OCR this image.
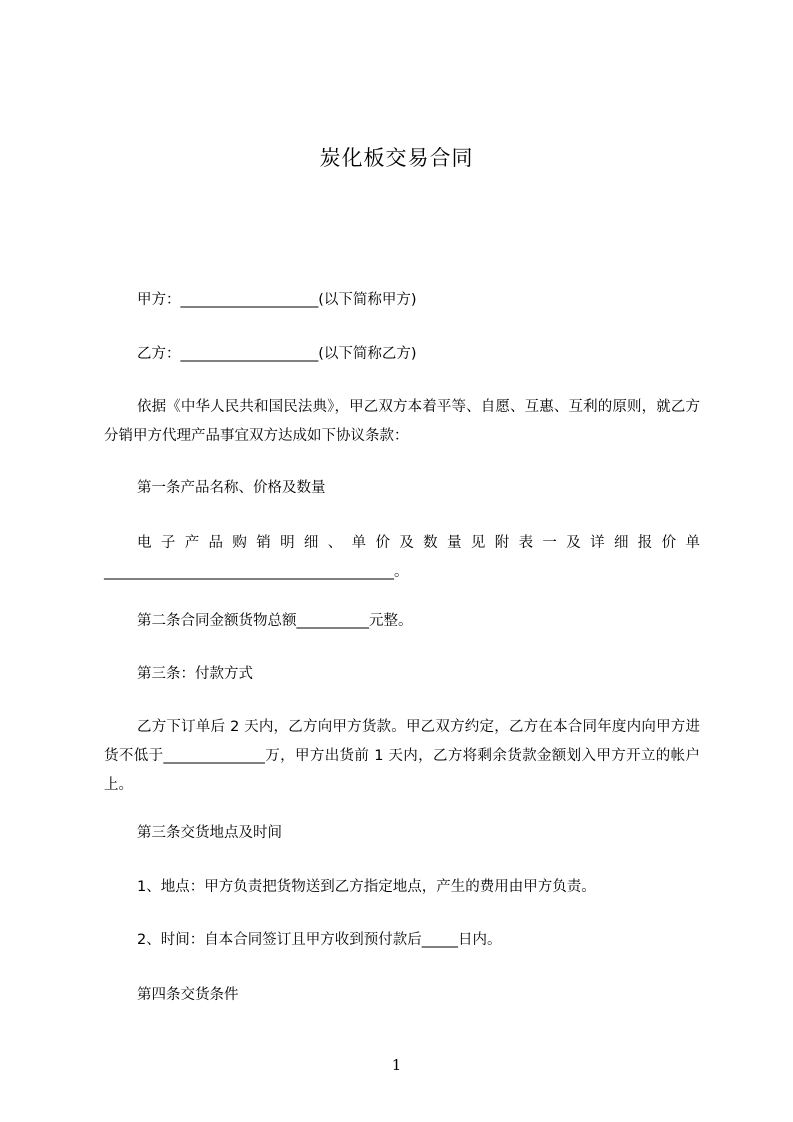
炭化板交易合同
甲方：___________________(以下简称甲方)
乙方：___________________(以下简称乙方)
依据《中华人民共和国民法典》，甲乙双方本着平等、自愿、互惠、互利的原则，就乙方分销甲方代理产品事宜双方达成如下协议条款：
第一条产品名称、价格及数量
电子产品购销明细、单价及数量见附表一及详细报价单________________________________________。
第二条合同金额货物总额__________元整。
第三条：付款方式
乙方下订单后 2 天内，乙方向甲方货款。甲乙双方约定，乙方在本合同年度内向甲方进货不低于______________万，甲方出货前 1 天内，乙方将剩余货款金额划入甲方开立的帐户上。
第三条交货地点及时间
1、地点：甲方负责把货物送到乙方指定地点，产生的费用由甲方负责。
2、时间：自本合同签订且甲方收到预付款后_____日内。
第四条交货条件
1
